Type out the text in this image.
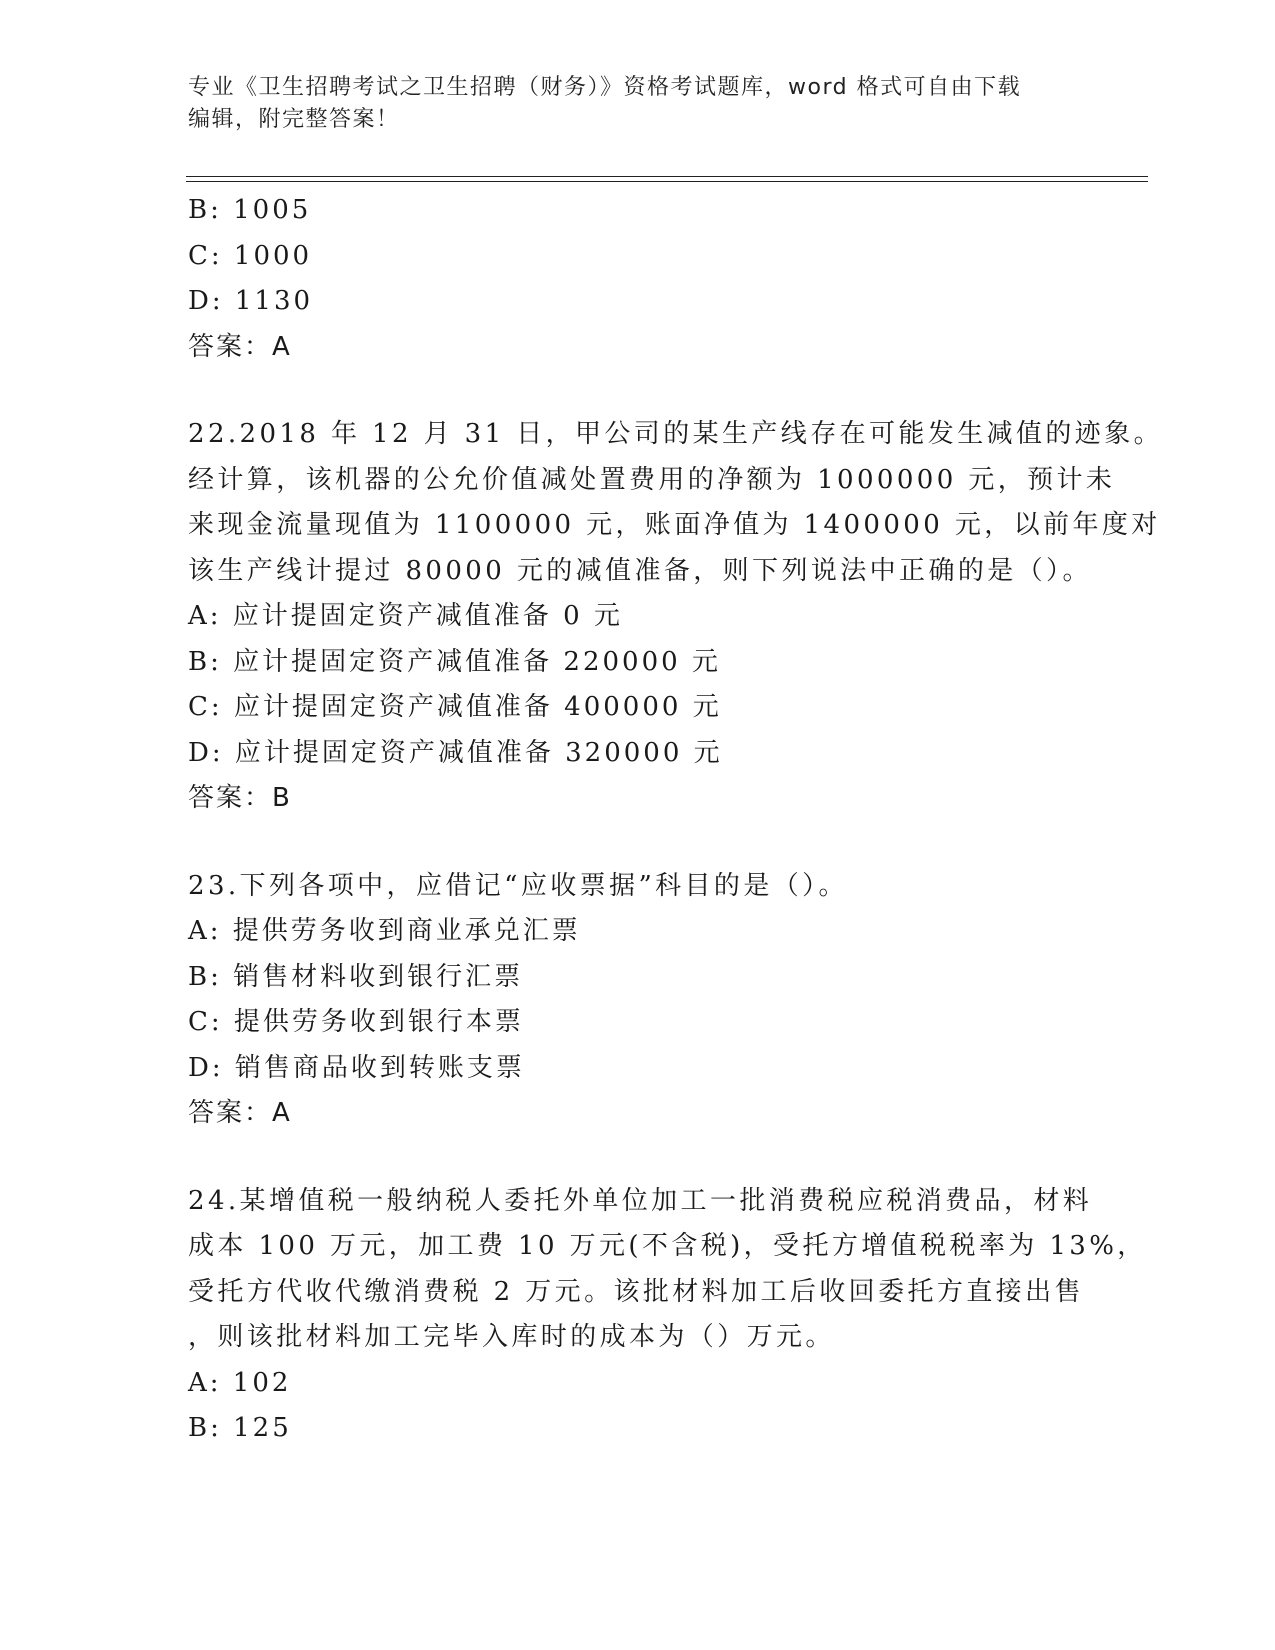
专业《卫生招聘考试之卫生招聘（财务）》资格考试题库，word 格式可自由下载
编辑，附完整答案！
B: 1005
C: 1000
D: 1130
答案：A
22.2018 年 12 月 31 日，甲公司的某生产线存在可能发生减值的迹象。
经计算，该机器的公允价值减处置费用的净额为 1000000 元，预计未
来现金流量现值为 1100000 元，账面净值为 1400000 元，以前年度对
该生产线计提过 80000 元的减值准备，则下列说法中正确的是（）。
A: 应计提固定资产减值准备 0 元
B: 应计提固定资产减值准备 220000 元
C: 应计提固定资产减值准备 400000 元
D: 应计提固定资产减值准备 320000 元
答案：B
23.下列各项中，应借记“应收票据”科目的是（）。
A: 提供劳务收到商业承兑汇票
B: 销售材料收到银行汇票
C: 提供劳务收到银行本票
D: 销售商品收到转账支票
答案：A
24.某增值税一般纳税人委托外单位加工一批消费税应税消费品，材料
成本 100 万元，加工费 10 万元(不含税)，受托方增值税税率为 13%，
受托方代收代缴消费税 2 万元。该批材料加工后收回委托方直接出售
，则该批材料加工完毕入库时的成本为（）万元。
A: 102
B: 125
